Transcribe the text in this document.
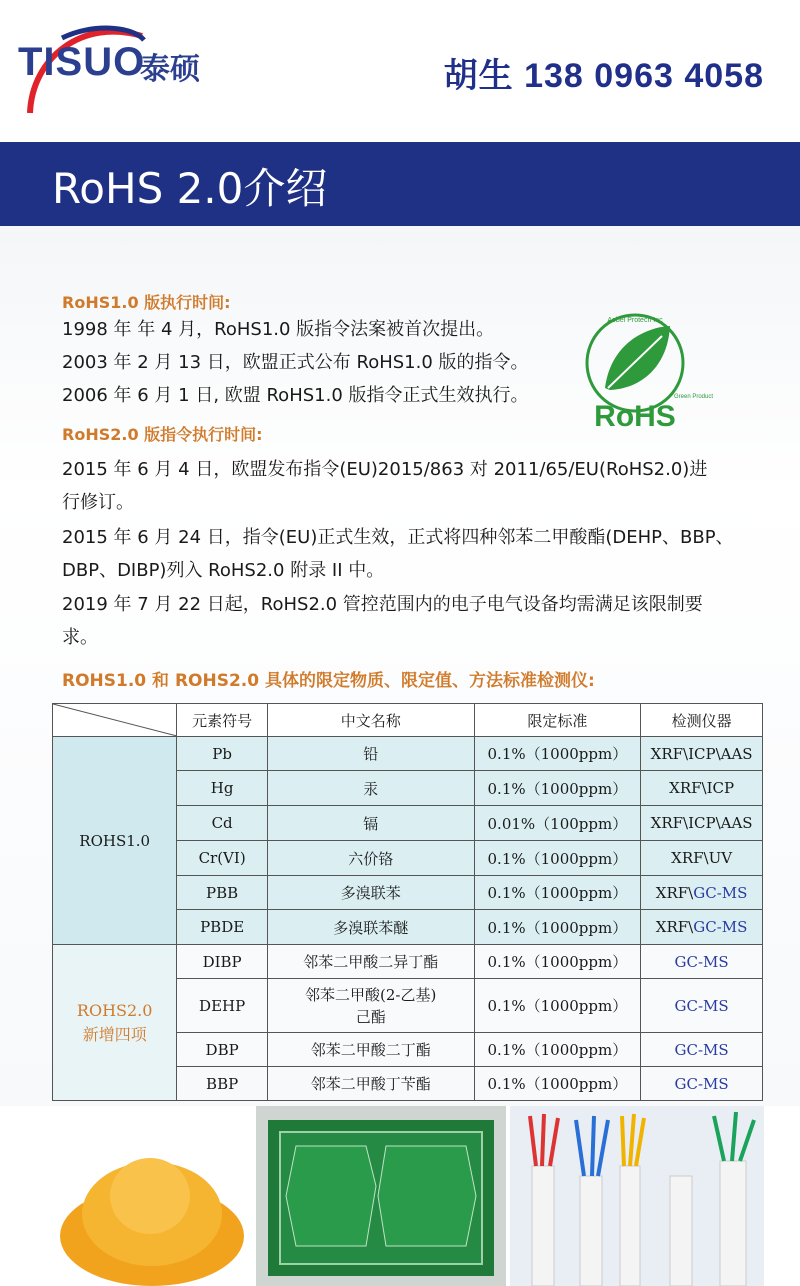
TISUO
泰硕	胡生 138 0963 4058
RoHS 2.0介绍
RoHS1.0 版执行时间:
1998 年 年 4 月，RoHS1.0 版指令法案被首次提出。
2003 年 2 月 13 日，欧盟正式公布 RoHS1.0 版的指令。
2006 年 6 月 1 日, 欧盟 RoHS1.0 版指令正式生效执行。
RoHS
Aobel Protech Inc
Green Product
RoHS2.0 版指令执行时间:
2015 年 6 月 4 日，欧盟发布指令(EU)2015/863 对 2011/65/EU(RoHS2.0)进
行修订。
2015 年 6 月 24 日，指令(EU)正式生效，正式将四种邻苯二甲酸酯(DEHP、BBP、
DBP、DIBP)列入 RoHS2.0 附录 II 中。
2019 年 7 月 22 日起，RoHS2.0 管控范围内的电子电气设备均需满足该限制要
求。
ROHS1.0 和 ROHS2.0 具体的限定物质、限定值、方法标准检测仪:
	元素符号	中文名称	限定标准	检测仪器
ROHS1.0	Pb	铅	0.1%（1000ppm）	XRF\ICP\AAS
	Hg	汞	0.1%（1000ppm）	XRF\ICP
	Cd	镉	0.01%（100ppm）	XRF\ICP\AAS
	Cr(VI)	六价铬	0.1%（1000ppm）	XRF\UV
	PBB	多溴联苯	0.1%（1000ppm）	XRF\GC-MS
	PBDE	多溴联苯醚	0.1%（1000ppm）	XRF\GC-MS

ROHS2.0
新增四项	DIBP	邻苯二甲酸二异丁酯	0.1%（1000ppm）	GC-MS
	DEHP	邻苯二甲酸(2-乙基)
己酯	0.1%（1000ppm）	GC-MS
	DBP	邻苯二甲酸二丁酯	0.1%（1000ppm）	GC-MS
	BBP	邻苯二甲酸丁苄酯	0.1%（1000ppm）	GC-MS
